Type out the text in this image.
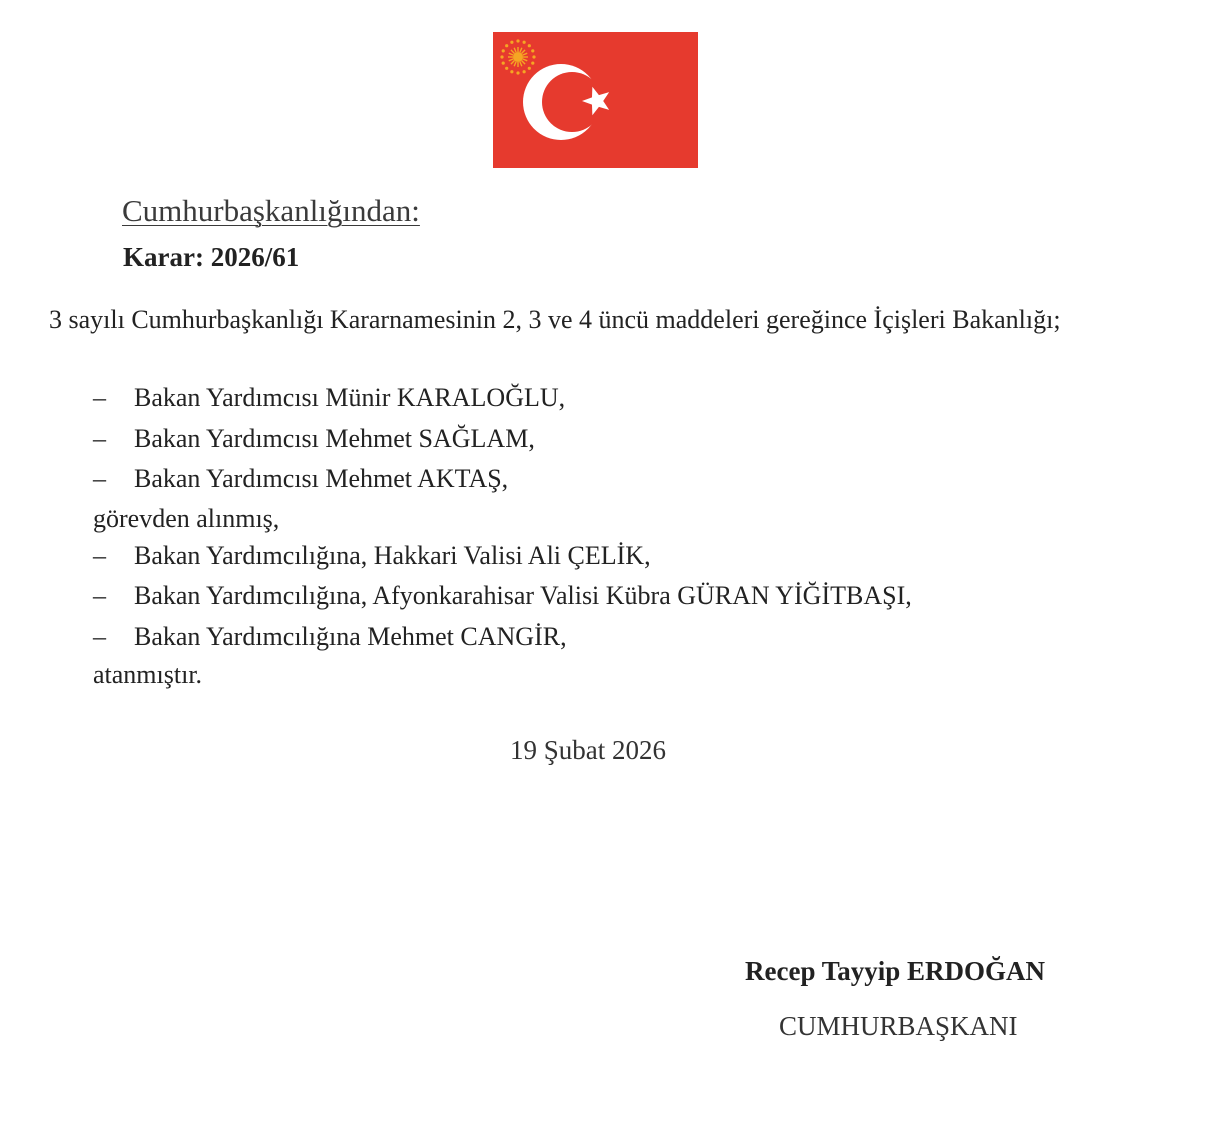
Cumhurbaşkanlığından:
Karar: 2026/61
3 sayılı Cumhurbaşkanlığı Kararnamesinin 2, 3 ve 4 üncü maddeleri gereğince İçişleri Bakanlığı;
– Bakan Yardımcısı Münir KARALOĞLU,
– Bakan Yardımcısı Mehmet SAĞLAM,
– Bakan Yardımcısı Mehmet AKTAŞ,
görevden alınmış,
– Bakan Yardımcılığına, Hakkari Valisi Ali ÇELİK,
– Bakan Yardımcılığına, Afyonkarahisar Valisi Kübra GÜRAN YİĞİTBAŞI,
– Bakan Yardımcılığına Mehmet CANGİR,
atanmıştır.
19 Şubat 2026
Recep Tayyip ERDOĞAN
CUMHURBAŞKANI
